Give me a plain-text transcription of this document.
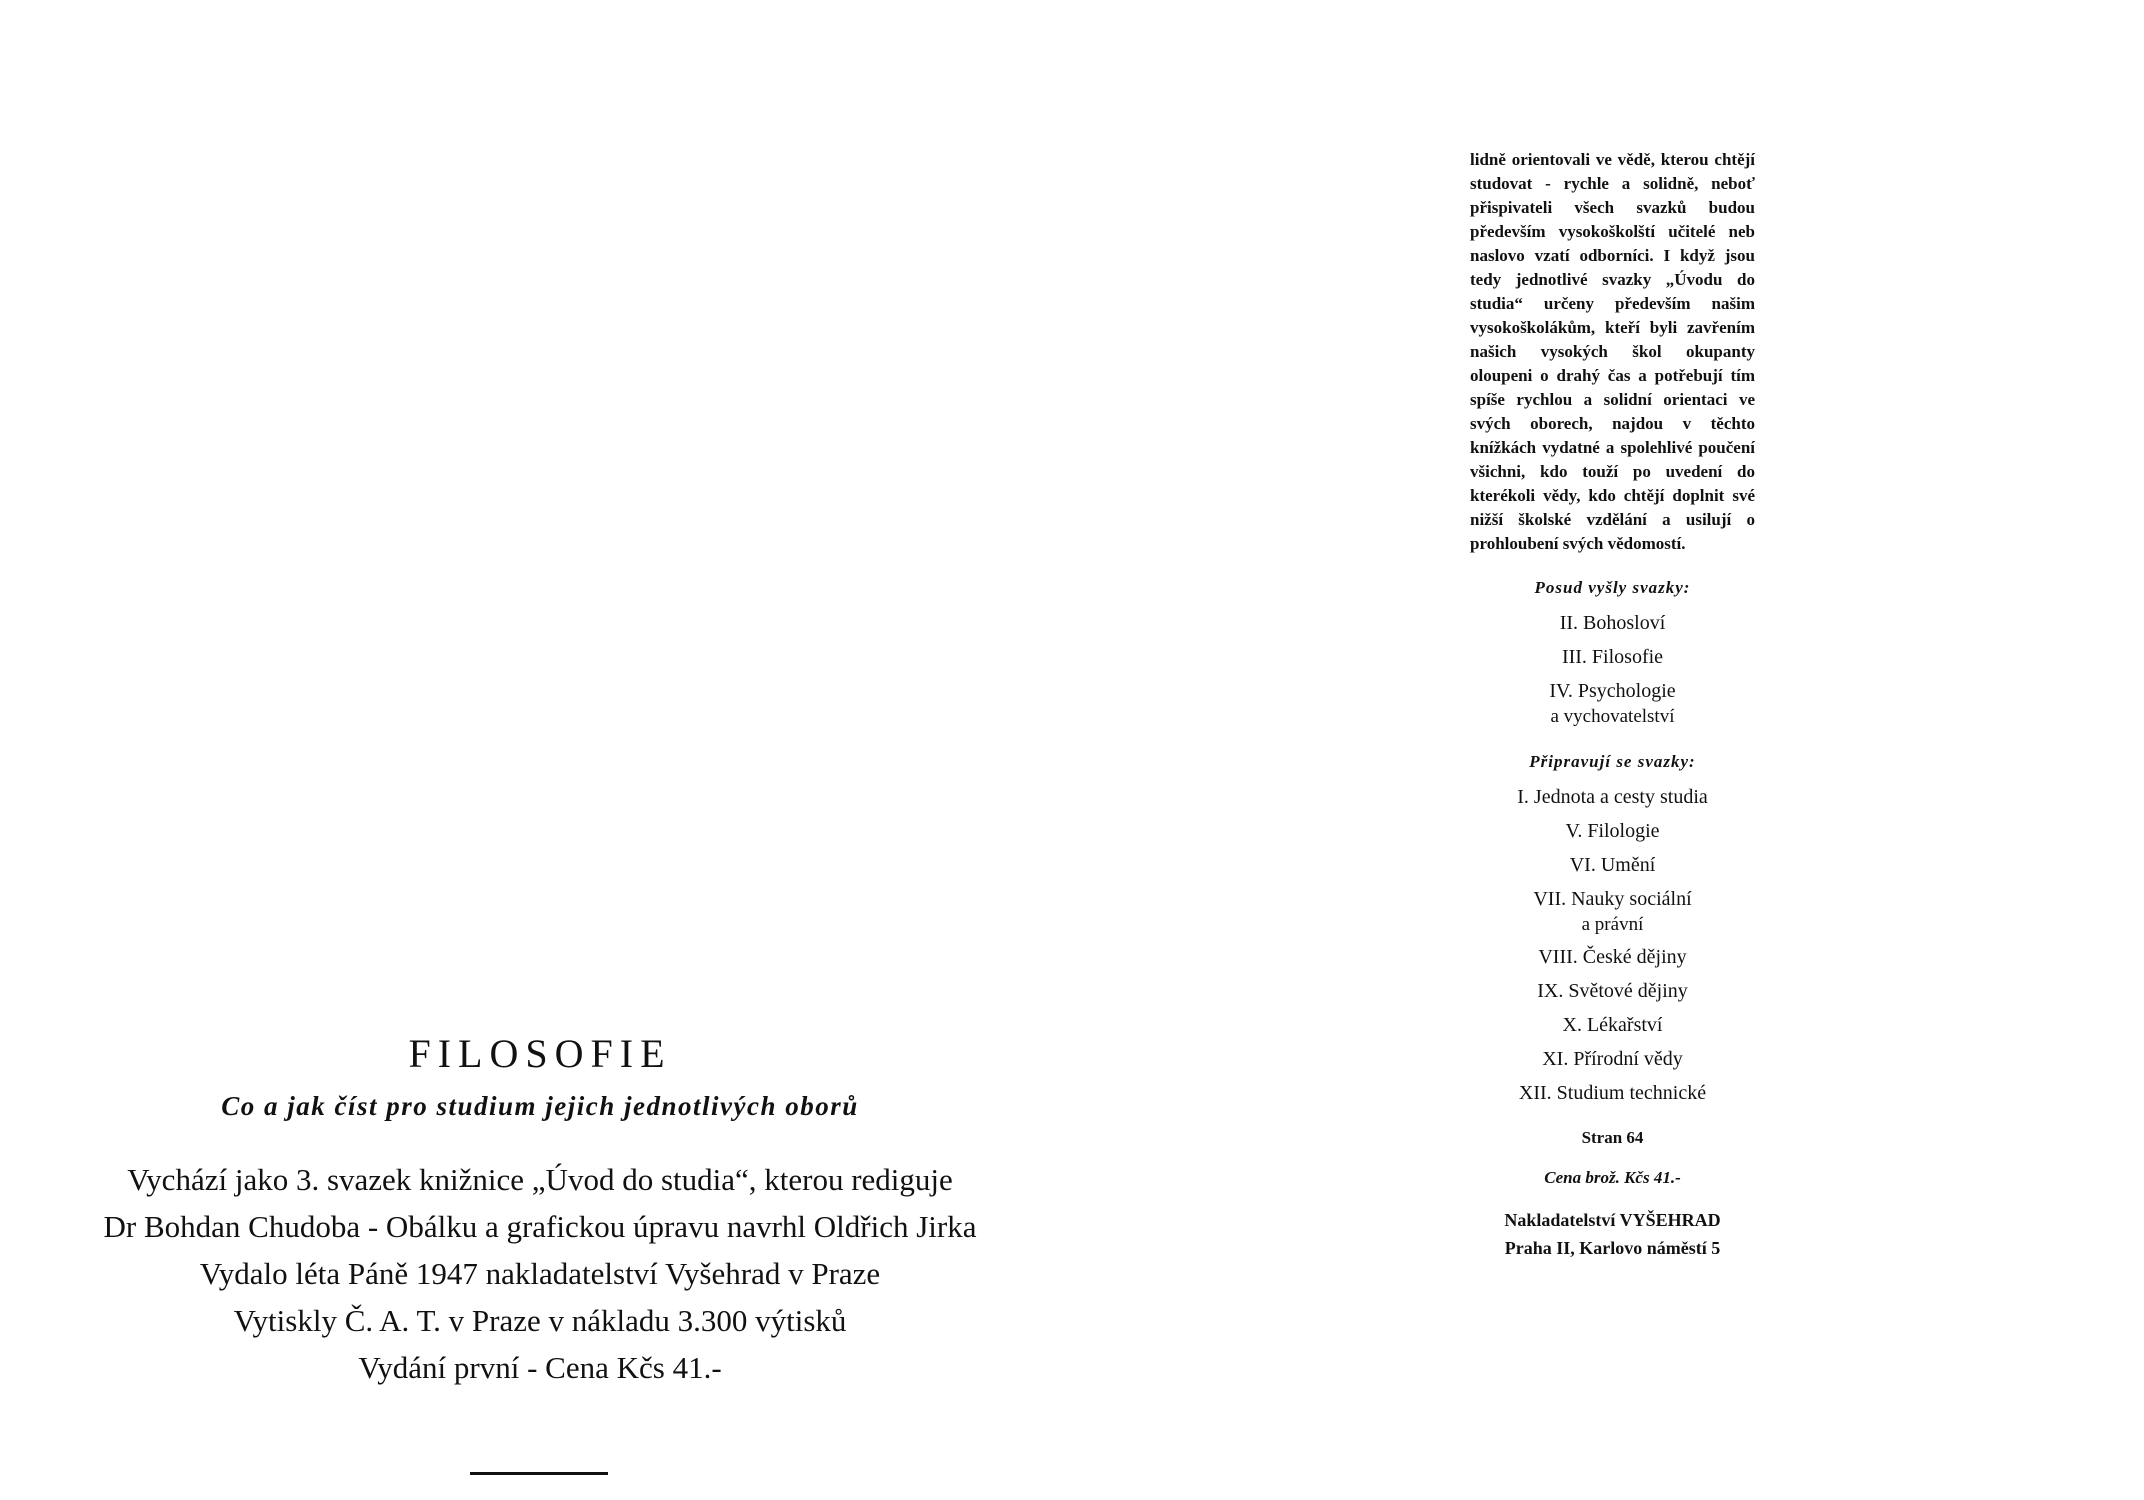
FILOSOFIE
Co a jak číst pro studium jejich jednotlivých oborů
Vychází jako 3. svazek knižnice „Úvod do studia“, kterou rediguje
Dr Bohdan Chudoba - Obálku a grafickou úpravu navrhl Oldřich Jirka
Vydalo léta Páně 1947 nakladatelství Vyšehrad v Praze
Vytiskly Č. A. T. v Praze v nákladu 3.300 výtisků
Vydání první - Cena Kčs 41.-

lidně orientovali ve vědě, kterou chtějí studovat - rychle a solidně, neboť přispivateli všech svazků budou především vysokoškolští učitelé neb naslovo vzatí odborníci. I když jsou tedy jednotlivé svazky „Úvodu do studia“ určeny především našim vysokoškolákům, kteří byli zavřením našich vysokých škol okupanty oloupeni o drahý čas a potřebují tím spíše rychlou a solidní orientaci ve svých oborech, najdou v těchto knížkách vydatné a spolehlivé poučení všichni, kdo touží po uvedení do kterékoli vědy, kdo chtějí doplnit své nižší školské vzdělání a usilují o prohloubení svých vědomostí.

Posud vyšly svazky:
II. Bohosloví
III. Filosofie
IV. Psychologie
a vychovatelství
Připravují se svazky:
I. Jednota a cesty studia
V. Filologie
VI. Umění
VII. Nauky sociální
a právní
VIII. České dějiny
IX. Světové dějiny
X. Lékařství
XI. Přírodní vědy
XII. Studium technické
Stran 64
Cena brož. Kčs 41.-
Nakladatelství VYŠEHRAD
Praha II, Karlovo náměstí 5
